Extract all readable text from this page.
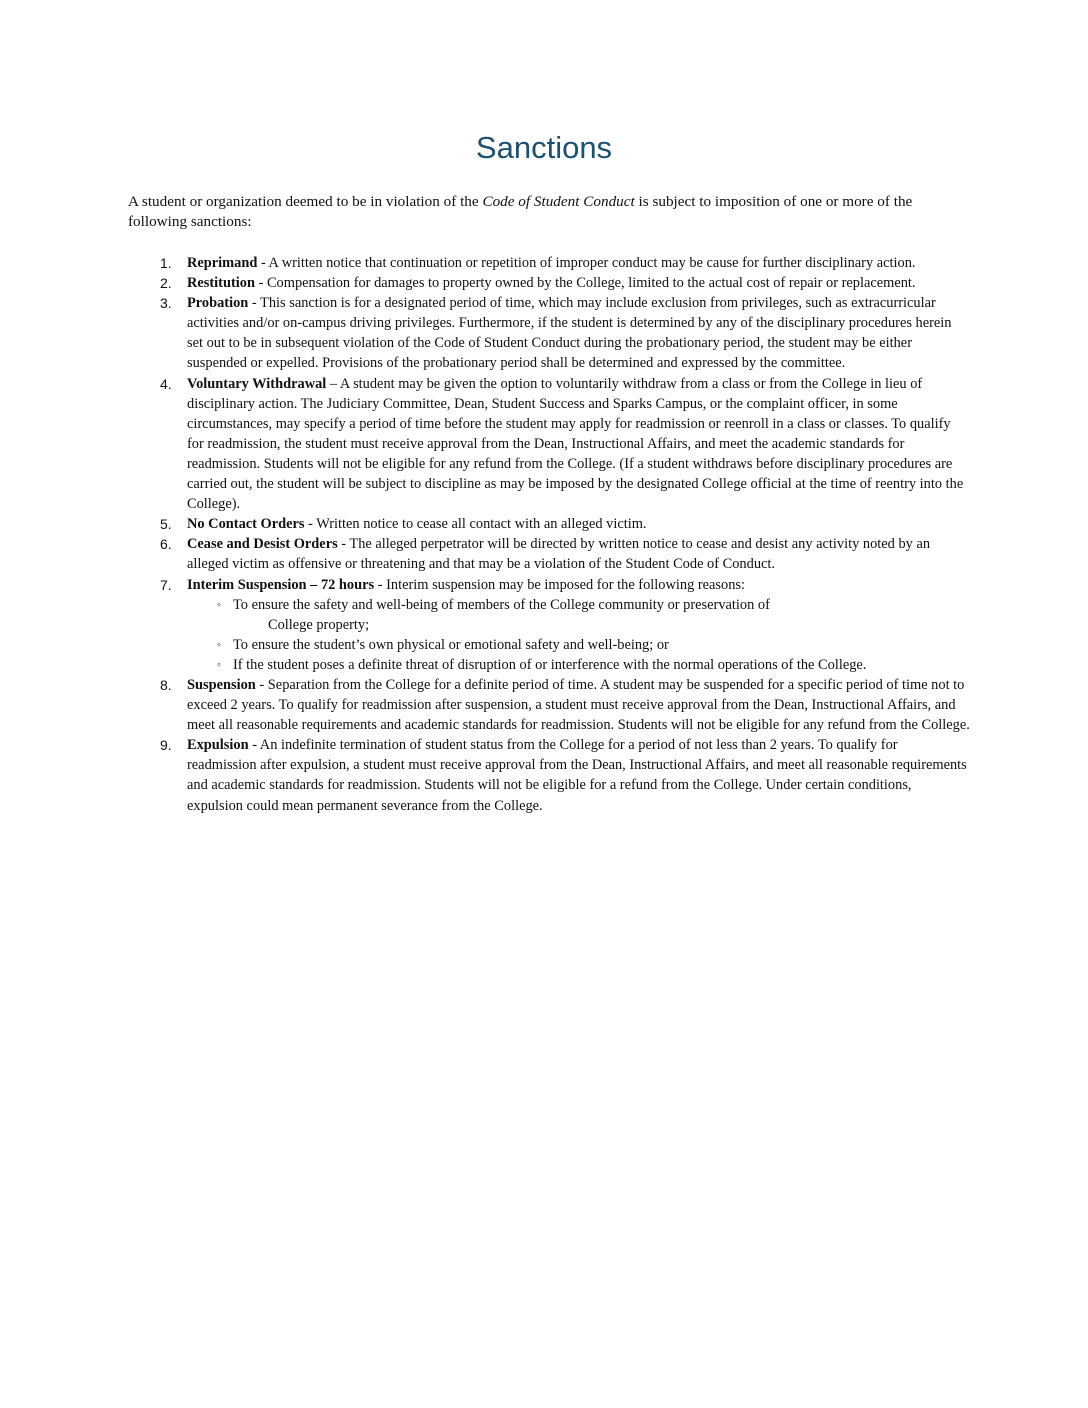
Sanctions

A student or organization deemed to be in violation of the Code of Student Conduct is subject to imposition of one or more of the following sanctions:

1.	Reprimand - A written notice that continuation or repetition of improper conduct may be cause for further disciplinary action.
2.	Restitution - Compensation for damages to property owned by the College, limited to the actual cost of repair or replacement.
3.	Probation - This sanction is for a designated period of time, which may include exclusion from privileges, such as extracurricular activities and/or on-campus driving privileges. Furthermore, if the student is determined by any of the disciplinary procedures herein set out to be in subsequent violation of the Code of Student Conduct during the probationary period, the student may be either suspended or expelled. Provisions of the probationary period shall be determined and expressed by the committee.
4.	Voluntary Withdrawal – A student may be given the option to voluntarily withdraw from a class or from the College in lieu of disciplinary action. The Judiciary Committee, Dean, Student Success and Sparks Campus, or the complaint officer, in some circumstances, may specify a period of time before the student may apply for readmission or reenroll in a class or classes. To qualify for readmission, the student must receive approval from the Dean, Instructional Affairs, and meet the academic standards for readmission. Students will not be eligible for any refund from the College. (If a student withdraws before disciplinary procedures are carried out, the student will be subject to discipline as may be imposed by the designated College official at the time of reentry into the College).
5.	No Contact Orders - Written notice to cease all contact with an alleged victim.
6.	Cease and Desist Orders - The alleged perpetrator will be directed by written notice to cease and desist any activity noted by an alleged victim as offensive or threatening and that may be a violation of the Student Code of Conduct.
7.	Interim Suspension – 72 hours - Interim suspension may be imposed for the following reasons:
◦ To ensure the safety and well-being of members of the College community or preservation of
College property;
◦ To ensure the student’s own physical or emotional safety and well-being; or
◦ If the student poses a definite threat of disruption of or interference with the normal operations of the College.
8.	Suspension - Separation from the College for a definite period of time. A student may be suspended for a specific period of time not to exceed 2 years. To qualify for readmission after suspension, a student must receive approval from the Dean, Instructional Affairs, and meet all reasonable requirements and academic standards for readmission. Students will not be eligible for any refund from the College.
9.	Expulsion - An indefinite termination of student status from the College for a period of not less than 2 years. To qualify for readmission after expulsion, a student must receive approval from the Dean, Instructional Affairs, and meet all reasonable requirements and academic standards for readmission. Students will not be eligible for a refund from the College. Under certain conditions, expulsion could mean permanent severance from the College.
